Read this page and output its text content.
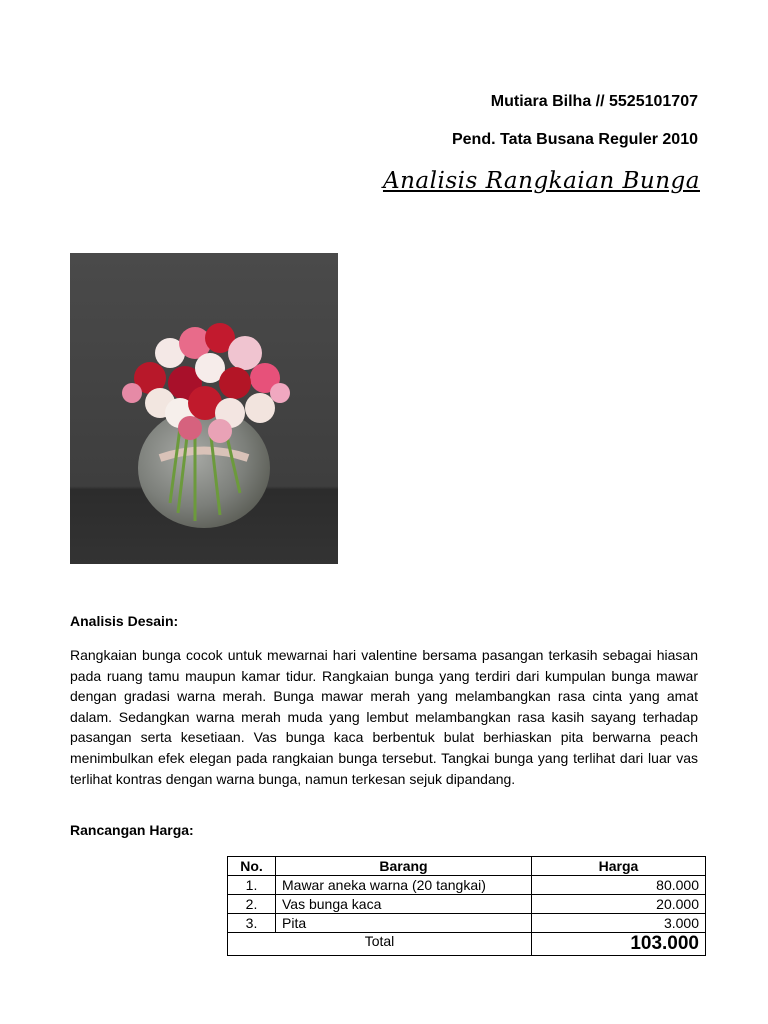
Mutiara Bilha // 5525101707
Pend. Tata Busana Reguler 2010
Analisis Rangkaian Bunga
Analisis Desain:
Rangkaian bunga cocok untuk mewarnai hari valentine bersama pasangan terkasih sebagai hiasan pada ruang tamu maupun kamar tidur. Rangkaian bunga yang terdiri dari kumpulan bunga mawar dengan gradasi warna merah. Bunga mawar merah yang melambangkan rasa cinta yang amat dalam. Sedangkan warna merah muda yang lembut melambangkan rasa kasih sayang terhadap pasangan serta kesetiaan. Vas bunga kaca berbentuk bulat berhiaskan pita berwarna peach menimbulkan efek elegan pada rangkaian bunga tersebut. Tangkai bunga yang terlihat dari luar vas terlihat kontras dengan warna bunga, namun terkesan sejuk dipandang.
Rancangan Harga:
No.	Barang	Harga
1.	Mawar aneka warna (20 tangkai)	80.000
2.	Vas bunga kaca	20.000
3.	Pita	3.000
Total		103.000
